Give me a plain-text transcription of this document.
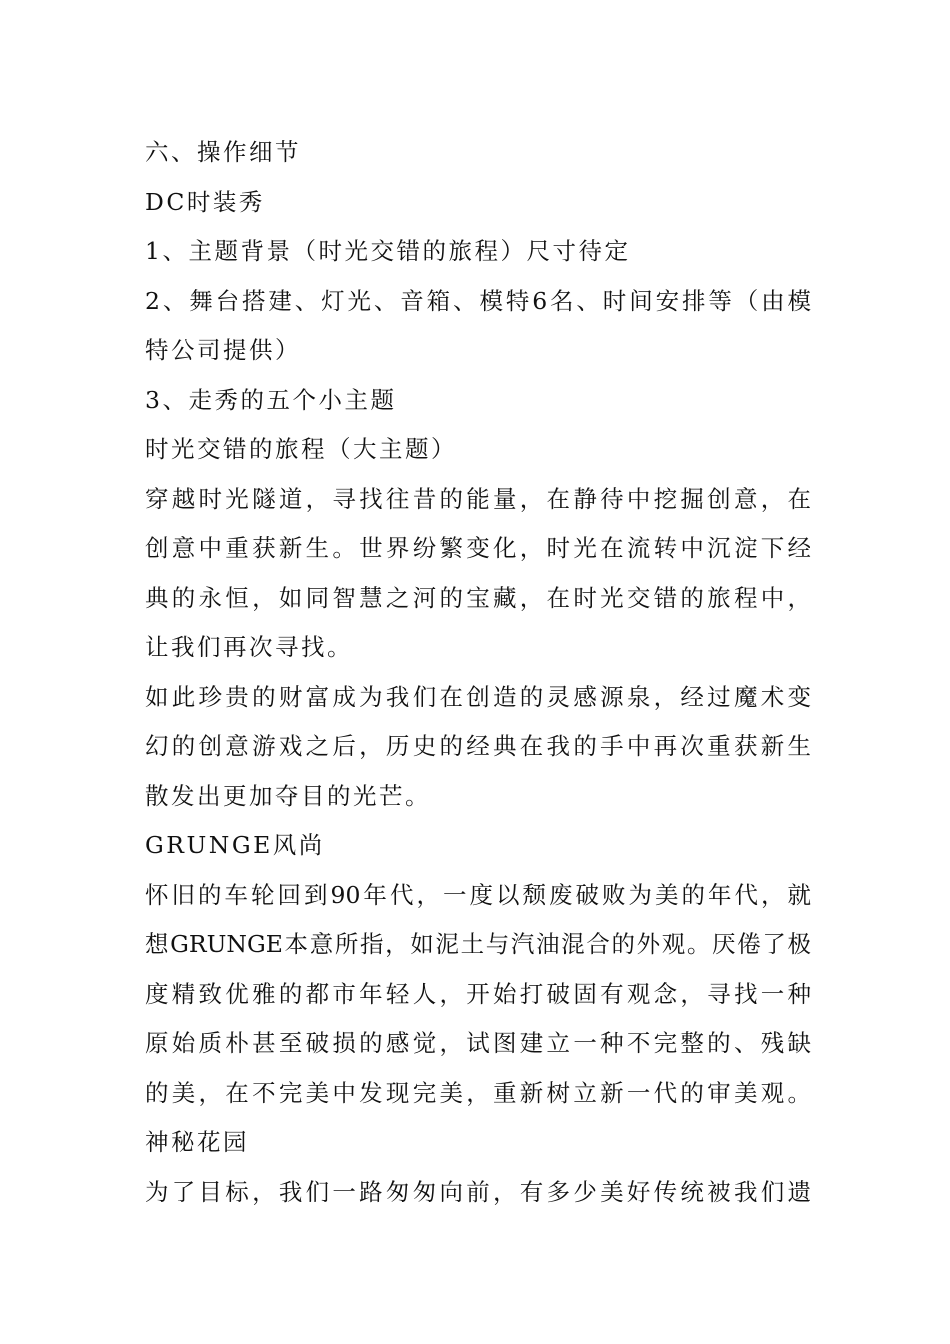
六、操作细节
DC时装秀
1、主题背景（时光交错的旅程）尺寸待定
2、舞台搭建、灯光、音箱、模特6名、时间安排等（由模
特公司提供）
3、走秀的五个小主题
时光交错的旅程（大主题）
穿越时光隧道，寻找往昔的能量，在静待中挖掘创意，在
创意中重获新生。世界纷繁变化，时光在流转中沉淀下经
典的永恒，如同智慧之河的宝藏，在时光交错的旅程中，
让我们再次寻找。
如此珍贵的财富成为我们在创造的灵感源泉，经过魔术变
幻的创意游戏之后，历史的经典在我的手中再次重获新生
散发出更加夺目的光芒。
GRUNGE风尚
怀旧的车轮回到90年代，一度以颓废破败为美的年代，就
想GRUNGE本意所指，如泥土与汽油混合的外观。厌倦了极
度精致优雅的都市年轻人，开始打破固有观念，寻找一种
原始质朴甚至破损的感觉，试图建立一种不完整的、残缺
的美，在不完美中发现完美，重新树立新一代的审美观。
神秘花园
为了目标，我们一路匆匆向前，有多少美好传统被我们遗
